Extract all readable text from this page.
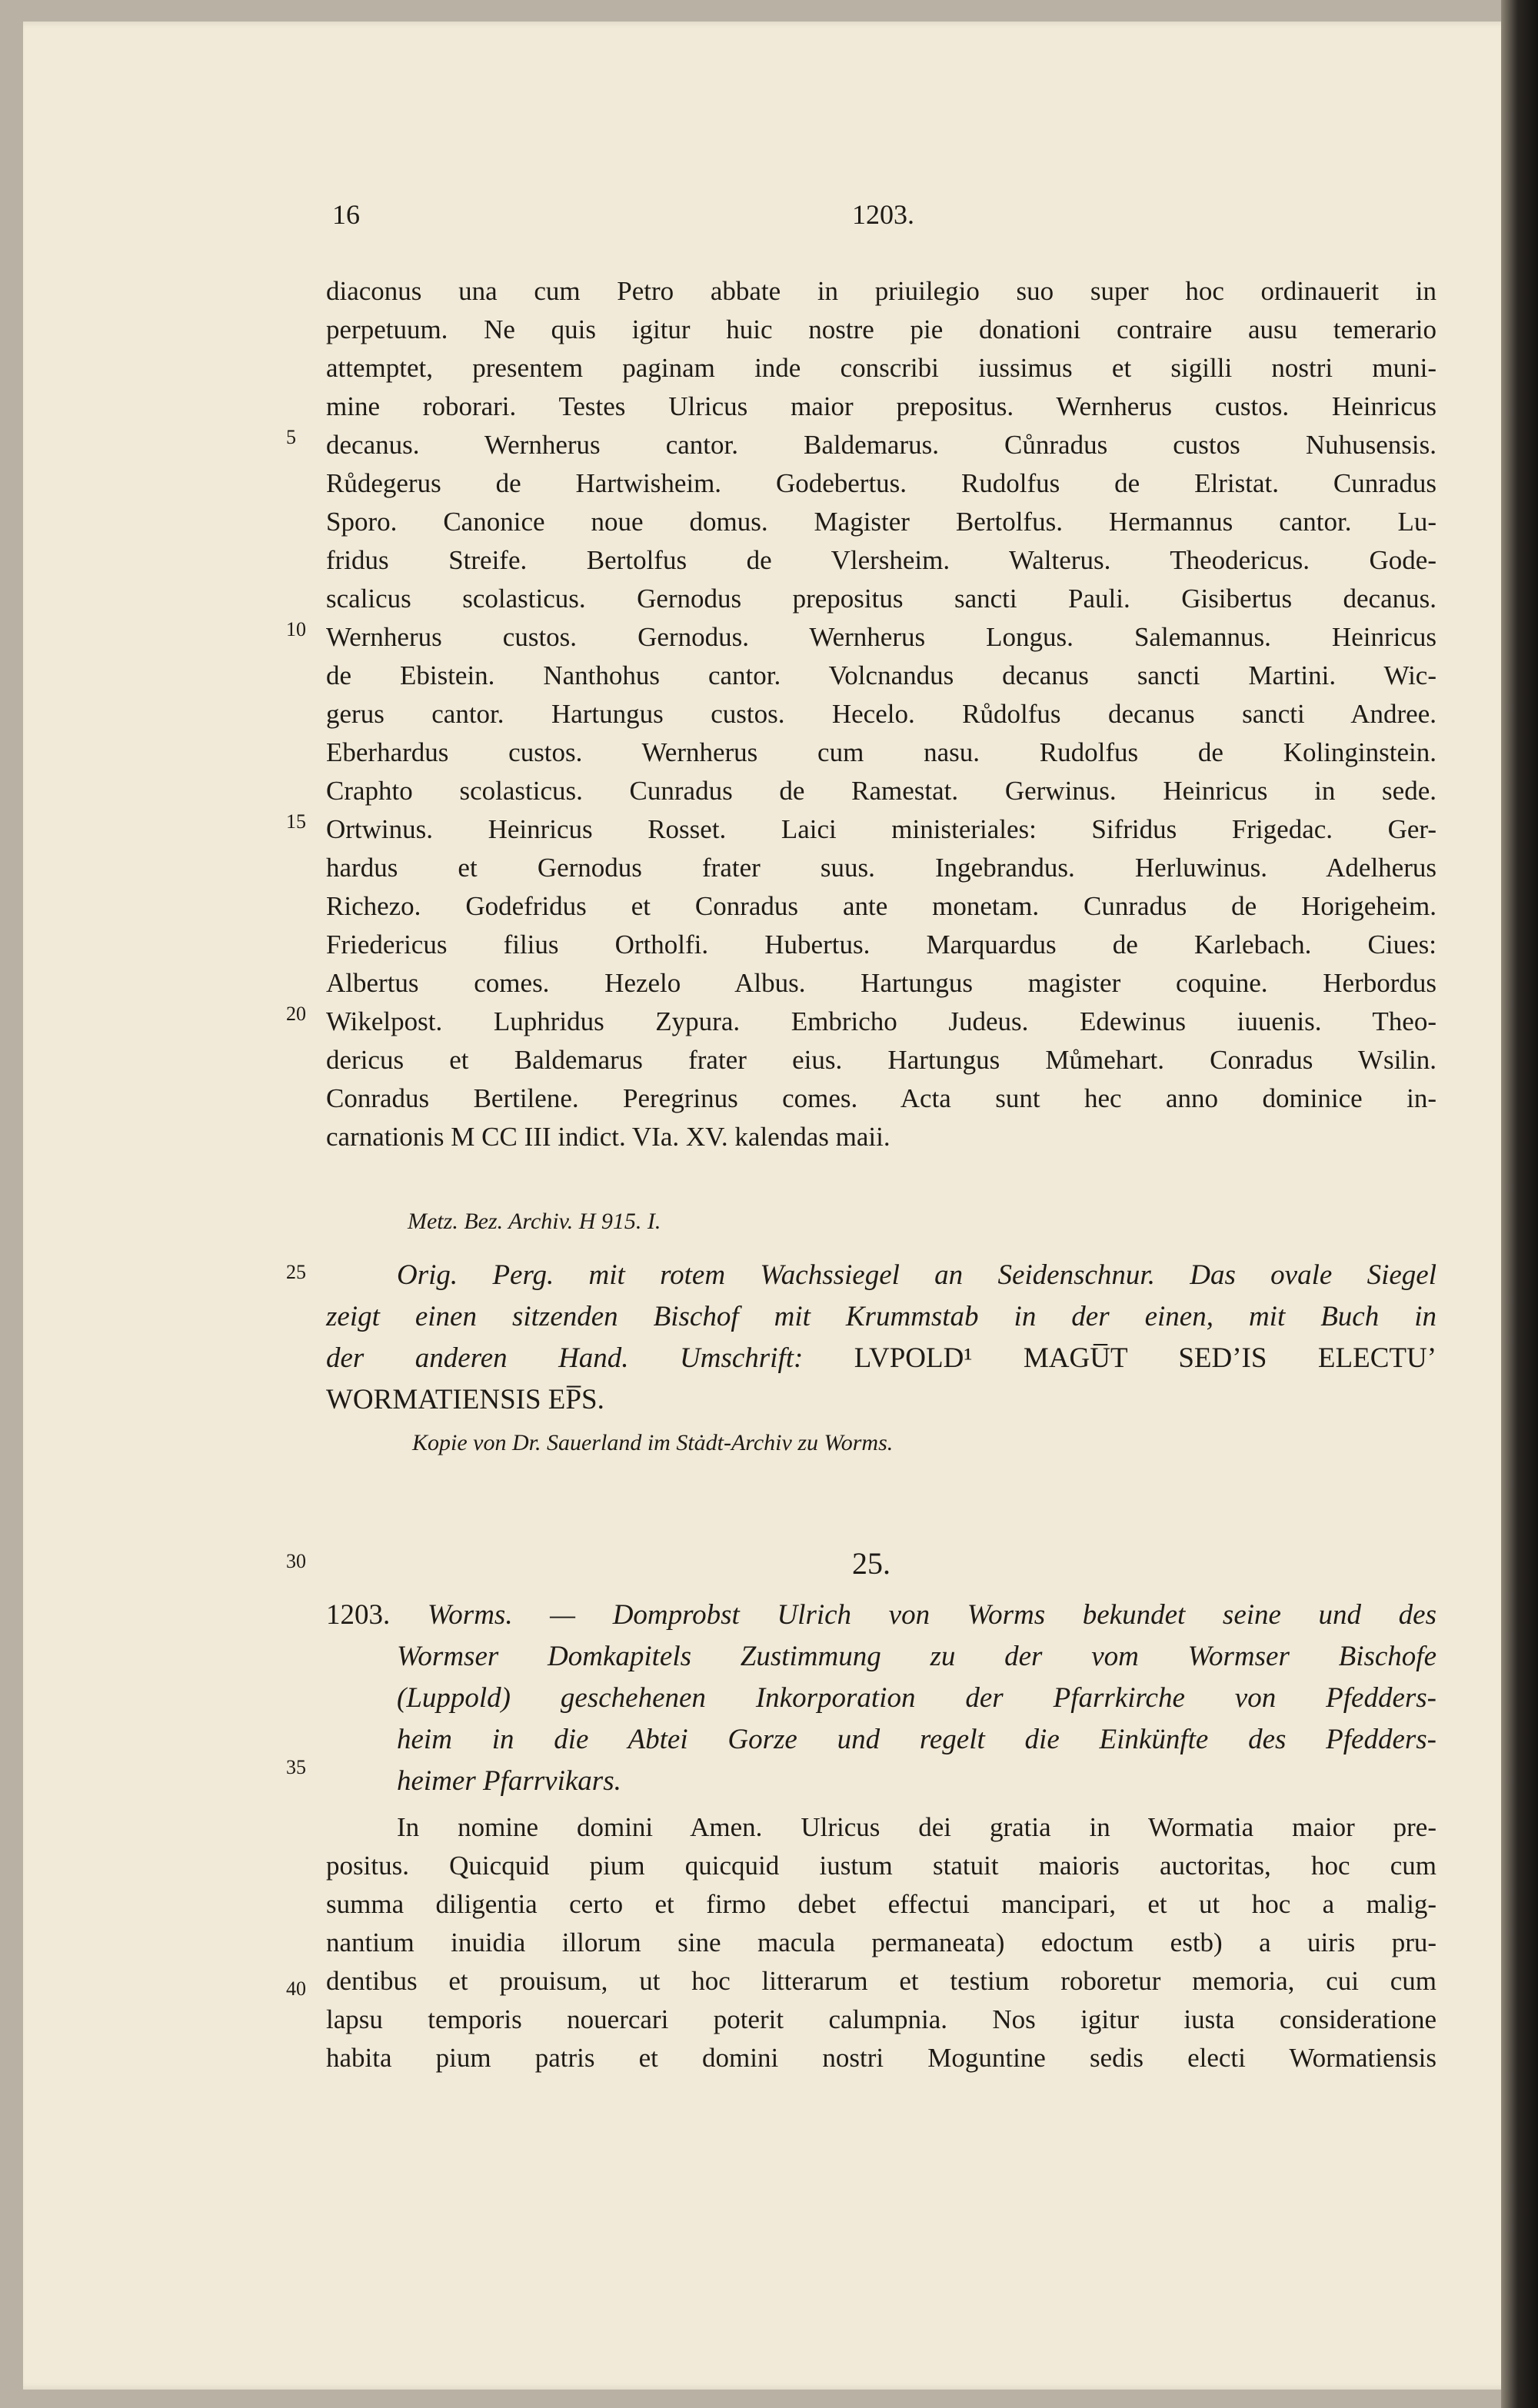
16	1203.
diaconus una cum Petro abbate in priuilegio suo super hoc ordinauerit in
perpetuum. Ne quis igitur huic nostre pie donationi contraire ausu temerario
attemptet, presentem paginam inde conscribi iussimus et sigilli nostri muni-
mine roborari. Testes Ulricus maior prepositus. Wernherus custos. Heinricus
decanus. Wernherus cantor. Baldemarus. Cůnradus custos Nuhusensis.
Růdegerus de Hartwisheim. Godebertus. Rudolfus de Elristat. Cunradus
Sporo. Canonice noue domus. Magister Bertolfus. Hermannus cantor. Lu-
fridus Streife. Bertolfus de Vlersheim. Walterus. Theodericus. Gode-
scalicus scolasticus. Gernodus prepositus sancti Pauli. Gisibertus decanus.
Wernherus custos. Gernodus. Wernherus Longus. Salemannus. Heinricus
de Ebistein. Nanthohus cantor. Volcnandus decanus sancti Martini. Wic-
gerus cantor. Hartungus custos. Hecelo. Růdolfus decanus sancti Andree.
Eberhardus custos. Wernherus cum nasu. Rudolfus de Kolinginstein.
Craphto scolasticus. Cunradus de Ramestat. Gerwinus. Heinricus in sede.
Ortwinus. Heinricus Rosset. Laici ministeriales: Sifridus Frigedac. Ger-
hardus et Gernodus frater suus. Ingebrandus. Herluwinus. Adelherus
Richezo. Godefridus et Conradus ante monetam. Cunradus de Horigeheim.
Friedericus filius Ortholfi. Hubertus. Marquardus de Karlebach. Ciues:
Albertus comes. Hezelo Albus. Hartungus magister coquine. Herbordus
Wikelpost. Luphridus Zypura. Embricho Judeus. Edewinus iuuenis. Theo-
dericus et Baldemarus frater eius. Hartungus Můmehart. Conradus Wsilin.
Conradus Bertilene. Peregrinus comes. Acta sunt hec anno dominice in-
carnationis M CC III indict. VIa. XV. kalendas maii.
5
10
15
20
25
30
35
40
Metz. Bez. Archiv. H 915. I.
Orig. Perg. mit rotem Wachssiegel an Seidenschnur. Das ovale Siegel
zeigt einen sitzenden Bischof mit Krummstab in der einen, mit Buch in
der anderen Hand. Umschrift: LVPOLD¹ MAGU̅T SED’IS ELECTU’
WORMATIENSIS EP̅S.
Kopie von Dr. Sauerland im Stȧdt-Archiv zu Worms.
25.
1203. Worms. — Domprobst Ulrich von Worms bekundet seine und des
Wormser Domkapitels Zustimmung zu der vom Wormser Bischofe
(Luppold) geschehenen Inkorporation der Pfarrkirche von Pfedders-
heim in die Abtei Gorze und regelt die Einkünfte des Pfedders-
heimer Pfarrvikars.
In nomine domini Amen. Ulricus dei gratia in Wormatia maior pre-
positus. Quicquid pium quicquid iustum statuit maioris auctoritas, hoc cum
summa diligentia certo et firmo debet effectui mancipari, et ut hoc a malig-
nantium inuidia illorum sine macula permaneata) edoctum estb) a uiris pru-
dentibus et prouisum, ut hoc litterarum et testium roboretur memoria, cui cum
lapsu temporis nouercari poterit calumpnia. Nos igitur iusta consideratione
habita pium patris et domini nostri Moguntine sedis electi Wormatiensis
